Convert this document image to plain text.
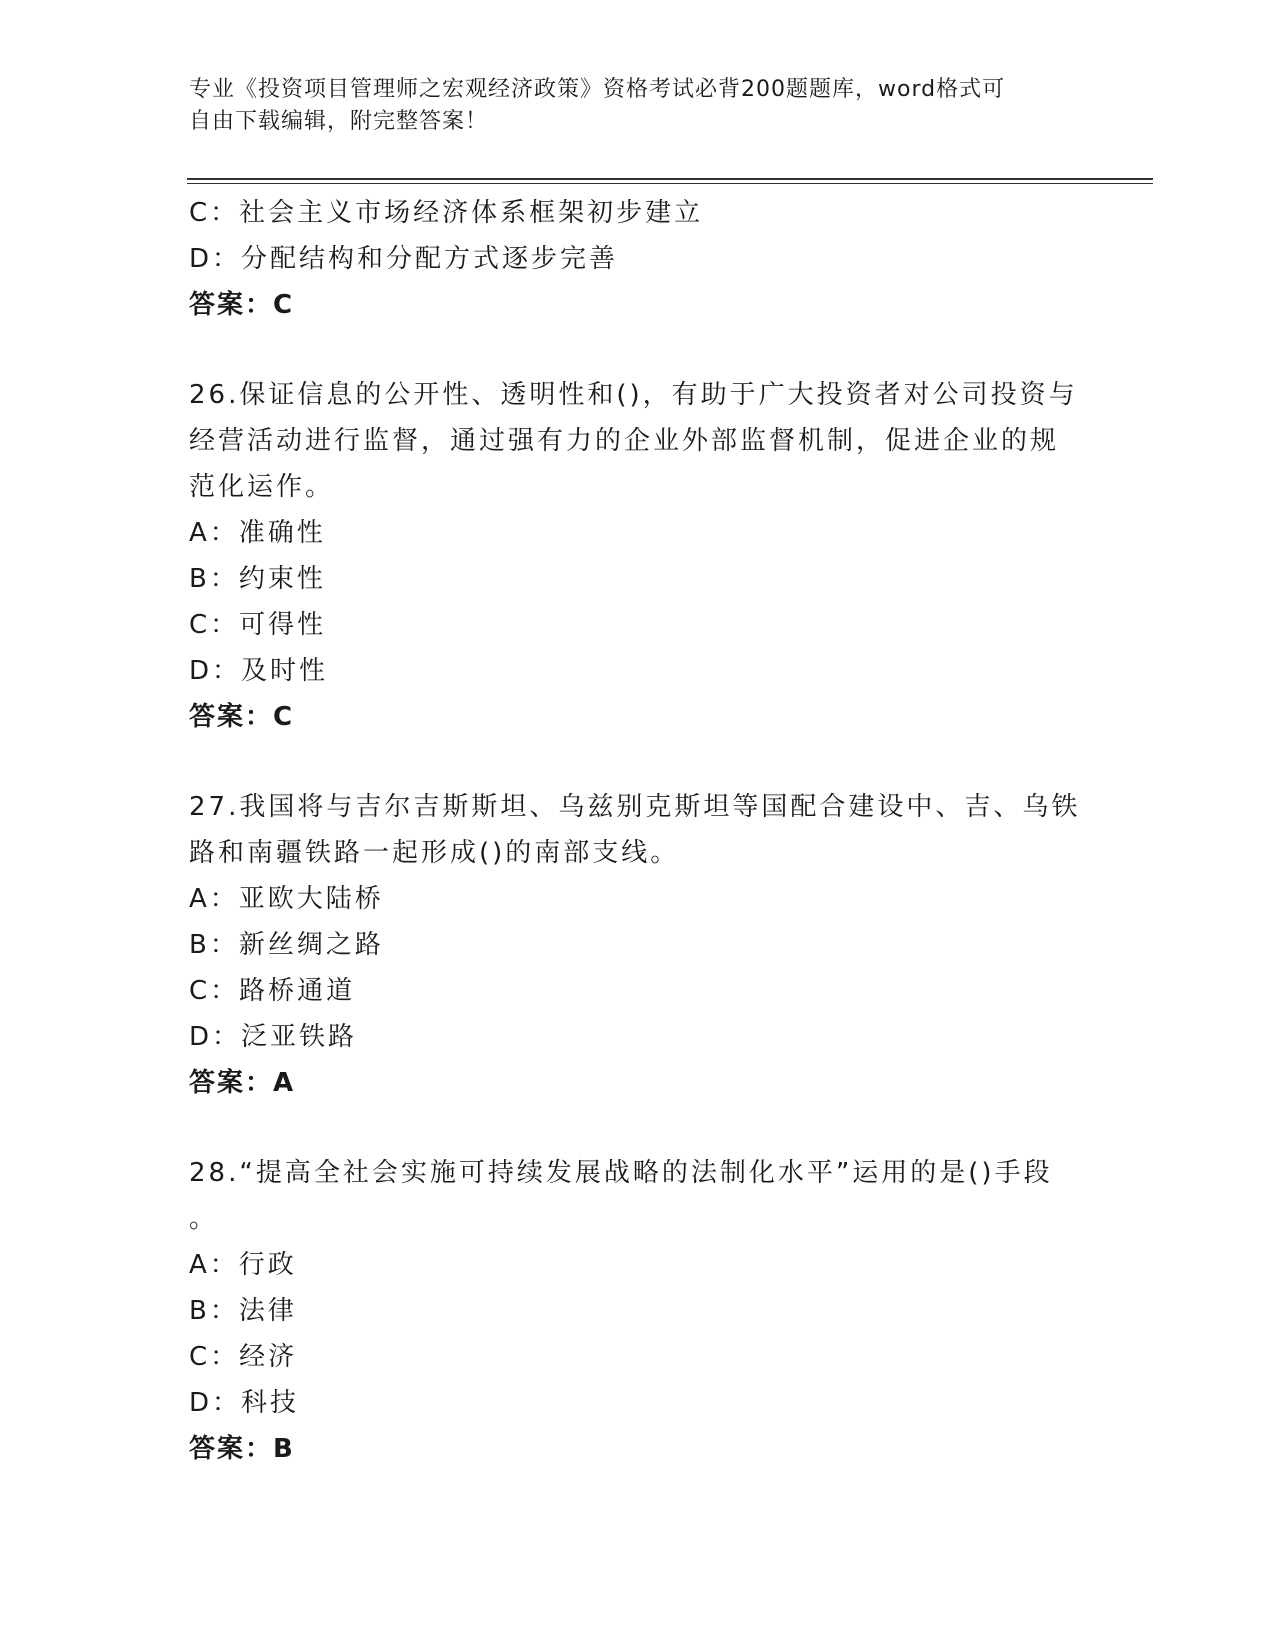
专业《投资项目管理师之宏观经济政策》资格考试必背200题题库，word格式可
自由下载编辑，附完整答案！
C：社会主义市场经济体系框架初步建立
D：分配结构和分配方式逐步完善
答案：C
26.保证信息的公开性、透明性和()，有助于广大投资者对公司投资与
经营活动进行监督，通过强有力的企业外部监督机制，促进企业的规
范化运作。
A：准确性
B：约束性
C：可得性
D：及时性
答案：C
27.我国将与吉尔吉斯斯坦、乌兹别克斯坦等国配合建设中、吉、乌铁
路和南疆铁路一起形成()的南部支线。
A：亚欧大陆桥
B：新丝绸之路
C：路桥通道
D：泛亚铁路
答案：A
28.“提高全社会实施可持续发展战略的法制化水平”运用的是()手段
。
A：行政
B：法律
C：经济
D：科技
答案：B
